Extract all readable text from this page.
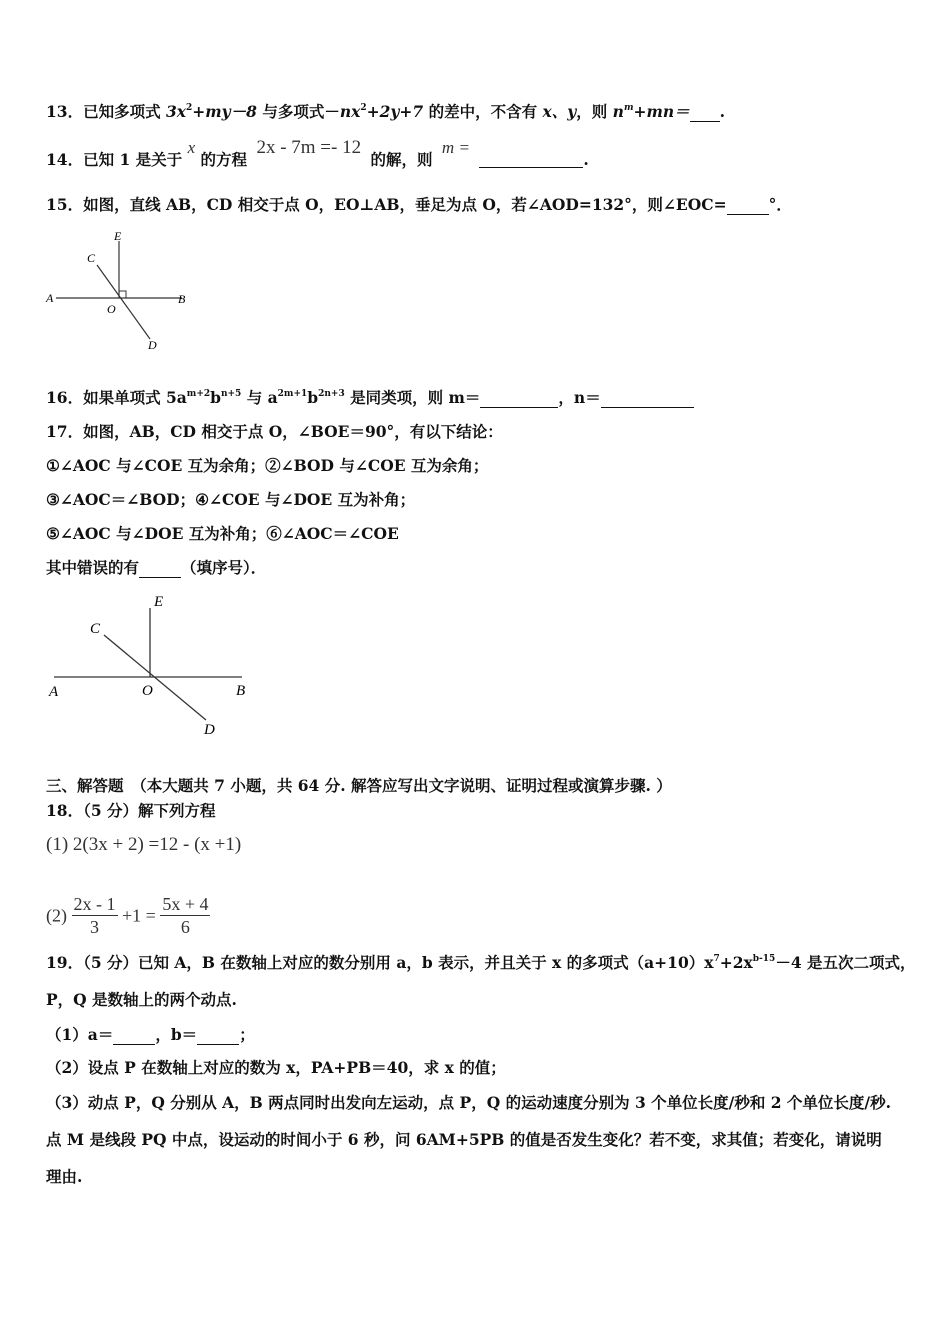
13．已知多项式 $3x^2+my-8$ 与多项式$-nx^2+2y+7$ 的差中，不含有 x、y，则 $n^m+mn=$ .
14．已知 1 是关于 x 的方程 2x - 7m =- 12 的解，则 m = .
15．如图，直线 AB，CD 相交于点 O，EO⊥AB，垂足为点 O，若∠AOD=132°，则∠EOC=	°．
E
C
A
O
B
D
16．如果单项式 $5a^{m+2}b^{n+5}$ 与 $a^{2m+1}b^{2n+3}$ 是同类项，则 m＝	，n＝
17．如图，AB，CD 相交于点 O，∠BOE＝90°，有以下结论：
①∠AOC 与∠COE 互为余角；②∠BOD 与∠COE 互为余角；
③∠AOC＝∠BOD；④∠COE 与∠DOE 互为补角；
⑤∠AOC 与∠DOE 互为补角；⑥∠AOC＝∠COE
其中错误的有	（填序号）．
E
C
A	O	B
D
三、解答题　（本大题共 7 小题，共 64 分. 解答应写出文字说明、证明过程或演算步骤. ）
18．（5 分）解下列方程
(1) 2(3x + 2) =12 - (x +1)
$(2) \frac{2x - 1}{3} +1 = \frac{5x + 4}{6}$
19．（5 分）已知 A，B 在数轴上对应的数分别用 a，b 表示，并且关于 x 的多项式$(a+10)x^7+2x^{b-15}-4$ 是五次二项式，
P，Q 是数轴上的两个动点.
（1）a＝	，b＝	；
（2）设点 P 在数轴上对应的数为 x，PA+PB＝40，求 x 的值；
（3）动点 P，Q 分别从 A，B 两点同时出发向左运动，点 P，Q 的运动速度分别为 3 个单位长度/秒和 2 个单位长度/秒.
点 M 是线段 PQ 中点，设运动的时间小于 6 秒，问 6AM+5PB 的值是否发生变化？若不变，求其值；若变化，请说明
理由.
